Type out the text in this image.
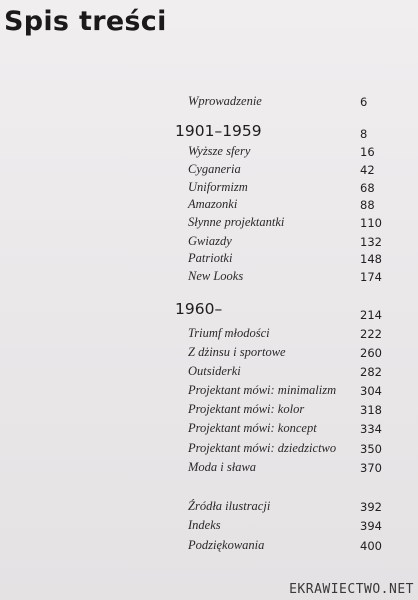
Spis treści
Wprowadzenie	6
1901–1959	8
Wyższe sfery	16
Cyganeria	42
Uniformizm	68
Amazonki	88
Słynne projektantki	110
Gwiazdy	132
Patriotki	148
New Looks	174
1960–	214
Triumf młodości	222
Z dżinsu i sportowe	260
Outsiderki	282
Projektant mówi: minimalizm 304
Projektant mówi: kolor	318
Projektant mówi: koncept	334
Projektant mówi: dziedzictwo 350
Moda i sława	370
Źródła ilustracji	392
Indeks	394
Podziękowania	400
EKRAWIECTWO.NET
